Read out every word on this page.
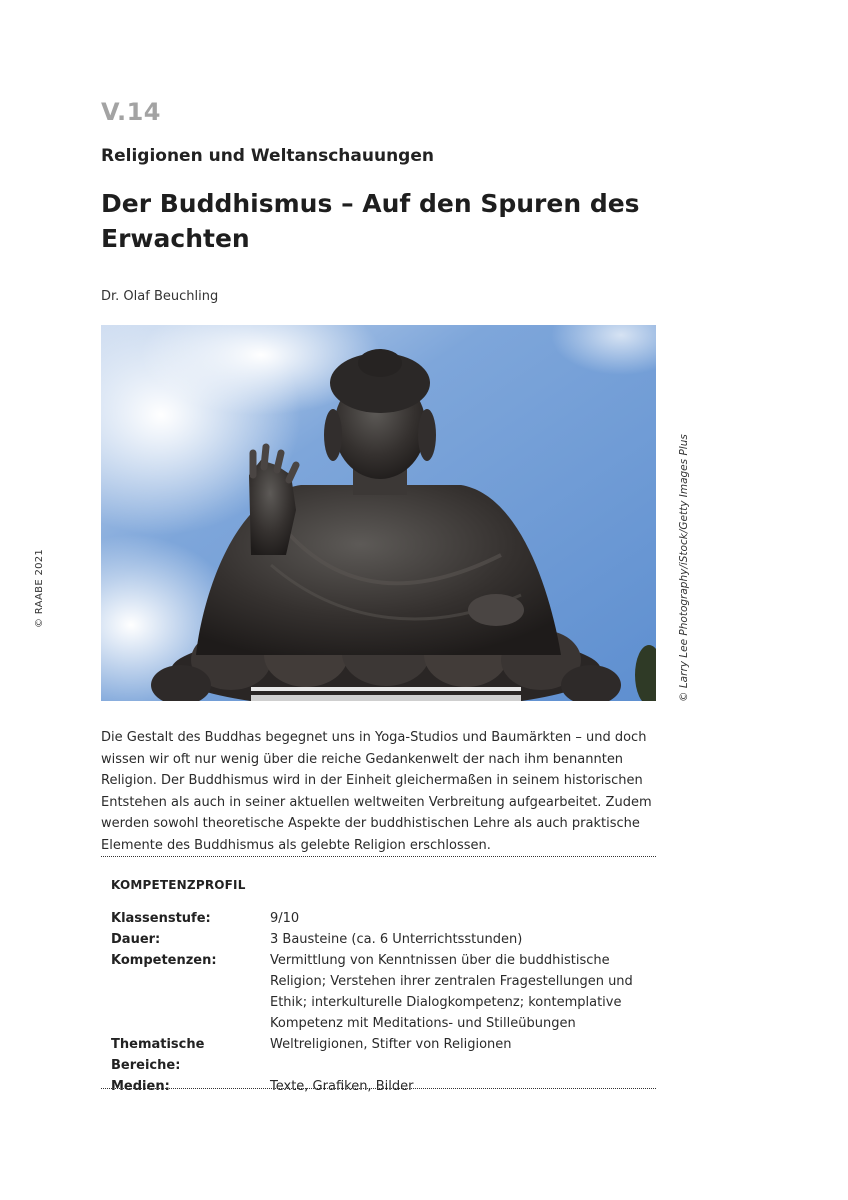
© RAABE 2021
V.14
Religionen und Weltanschauungen
Der Buddhismus – Auf den Spuren des Erwachten
Dr. Olaf Beuchling
© Larry Lee Photography/iStock/Getty Images Plus

Die Gestalt des Buddhas begegnet uns in Yoga-Studios und Baumärkten – und doch wissen wir oft nur wenig über die reiche Gedankenwelt der nach ihm benannten Religion. Der Buddhismus wird in der Einheit gleichermaßen in seinem historischen Entstehen als auch in seiner aktuellen weltweiten Verbreitung aufgearbeitet. Zudem werden sowohl theoretische Aspekte der buddhistischen Lehre als auch praktische Elemente des Buddhismus als gelebte Religion erschlossen.

KOMPETENZPROFIL
Klassenstufe:	9/10
Dauer:	3 Bausteine (ca. 6 Unterrichtsstunden)
Kompetenzen:	Vermittlung von Kenntnissen über die buddhistische Religion; Verstehen ihrer zentralen Fragestellungen und Ethik; interkulturelle Dialogkompetenz; kontemplative Kompetenz mit Meditations- und Stilleübungen
Thematische Bereiche:
Weltreligionen, Stifter von Religionen
Medien:	Texte, Grafiken, Bilder
